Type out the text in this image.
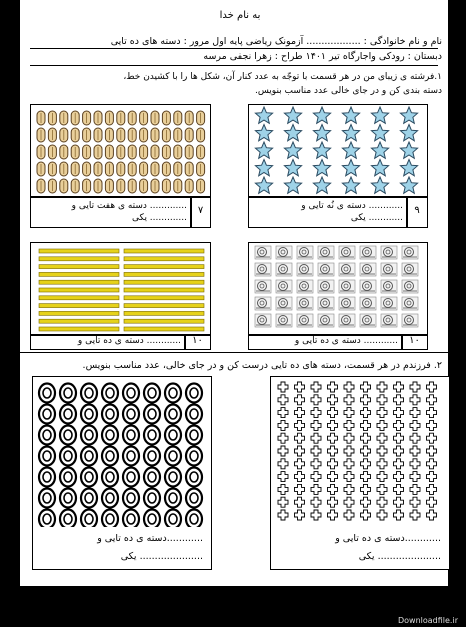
به نام خدا
نام و نام خانوادگی : .................. آزمونک ریاضی پایه اول مرور : دسته های ده تایی
دبستان : رودکی واجارگاه تیر ۱۴۰۱ طراح : زهرا نجفی مرسه
۱.فرشته ی زیبای من در هر قسمت با توجّه به عدد کنار آن، شکل ها را با کشیدن خط،
دسته بندی کن و در جای خالی عدد مناسب بنویس.
............. دسته ی هفت تایی و
............. یکی
۷	............ دسته ی نُه تایی و
............ یکی
۹
............ دسته ی ده تایی و	۱۰	............ دسته ی ده تایی و	۱۰
۲. فرزندم در هر قسمت، دسته های ده تایی درست کن و در جای خالی، عدد مناسب بنویس.
............دسته ی ده تایی و
..................... یکی
............دسته ی ده تایی و
..................... یکی
Downloadfile.ir
